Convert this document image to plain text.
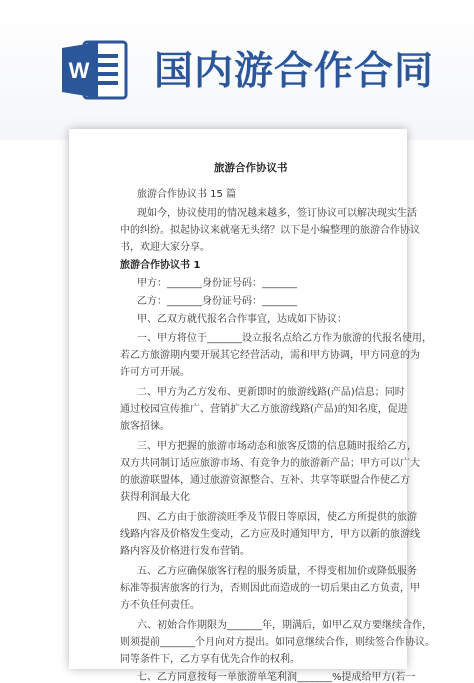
W 国内游合作合同
旅游合作协议书
旅游合作协议书 15 篇
现如今，协议使用的情况越来越多，签订协议可以解决现实生活
中的纠纷。拟起协议来就毫无头绪？以下是小编整理的旅游合作协议
书，欢迎大家分享。
旅游合作协议书 1
甲方：_______身份证号码：_______
乙方：_______身份证号码：_______
甲、乙双方就代报名合作事宜，达成如下协议：
一、甲方将位于_______设立报名点给乙方作为旅游的代报名使用，
若乙方旅游期内要开展其它经营活动，需和甲方协调，甲方同意的为
许可方可开展。
二、甲方为乙方发布、更新即时的旅游线路(产品)信息；同时
通过校园宣传推广、营销扩大乙方旅游线路(产品)的知名度，促进
旅客招徕。
三、甲方把握的旅游市场动态和旅客反馈的信息随时报给乙方，
双方共同制订适应旅游市场、有竞争力的旅游新产品；甲方可以广大
的旅游联盟体，通过旅游资源整合、互补、共享等联盟合作使乙方
获得利润最大化
四、乙方由于旅游淡旺季及节假日等原因，使乙方所提供的旅游
线路内容及价格发生变动，乙方应及时通知甲方，甲方以新的旅游线
路内容及价格进行发布营销。
五、乙方应确保旅客行程的服务质量，不得变相加价或降低服务
标准等损害旅客的行为，否则因此而造成的一切后果由乙方负责，甲
方不负任何责任。
六、初始合作期限为_______年，期满后，如甲乙双方要继续合作，
则须提前_______个月向对方提出。如同意继续合作，则续签合作协议。
同等条件下，乙方享有优先合作的权利。
七、乙方同意按每一单旅游单笔利润_______%提成给甲方(若一
